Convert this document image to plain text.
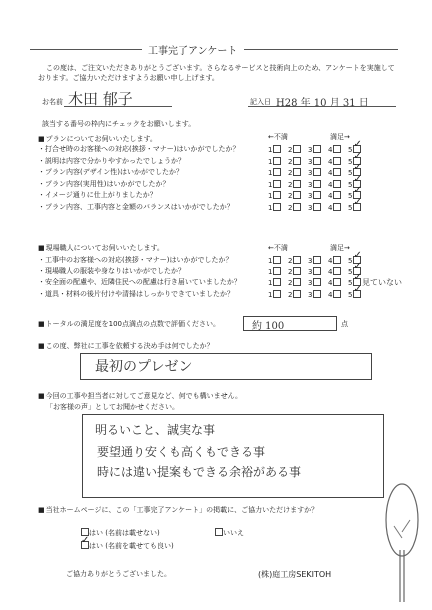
工事完了アンケート
この度は、ご注文いただきありがとうございます。さらなるサービスと技術向上のため、アンケートを実施して
おります。ご協力いただけますようお願い申し上げます。
お名前 木田 郁子	記入日 H28 年 10 月 31 日
該当する番号の枠内にチェックをお願いします。
■ プランについてお伺いいたします。	←不満	満足→
・打合せ時のお客様への対応(挨拶・マナー)はいかがでしたか？	1	2	3	4	5✓
・説明は内容で分かりやすかったでしょうか？	1	2	3	4	5✓
・プラン内容(デザイン性)はいかがでしたか？	1	2	3	4	5✓
・プラン内容(実用性)はいかがでしたか？	1	2	3	4	5✓
・イメージ通りに仕上がりましたか？	1	2	3	4	5✓
・プラン内容、工事内容と金額のバランスはいかがでしたか？	1	2	3	4	5✓
■ 現場職人についてお伺いいたします。	←不満	満足→
・工事中のお客様への対応(挨拶・マナー)はいかがでしたか？	1	2	3	4	5✓
・現場職人の服装や身なりはいかがでしたか？	1	2	3	4	5✓
・安全面の配慮や、近隣住民への配慮は行き届いていましたか？	1	2	3	4	5✓	見ていない
・道具・材料の後片付けや清掃はしっかりできていましたか？	1	2	3	4	5✓
■ トータルの満足度を100点満点の点数で評価ください。	約 100	点
■ この度、弊社に工事を依頼する決め手は何でしたか？
最初のプレゼン
■ 今回の工事や担当者に対してご意見など、何でも構いません。
「お客様の声」としてお聞かせください。
明るいこと、誠実な事
要望通り安くも高くもできる事
時には違い提案もできる余裕がある事
■ 当社ホームページに、この「工事完了アンケート」の掲載に、ご協力いただけますか？
はい (名前は載せない)	いいえ
✓はい (名前を載せても良い)
ご協力ありがとうございました。	(株)庭工房SEKITOH
